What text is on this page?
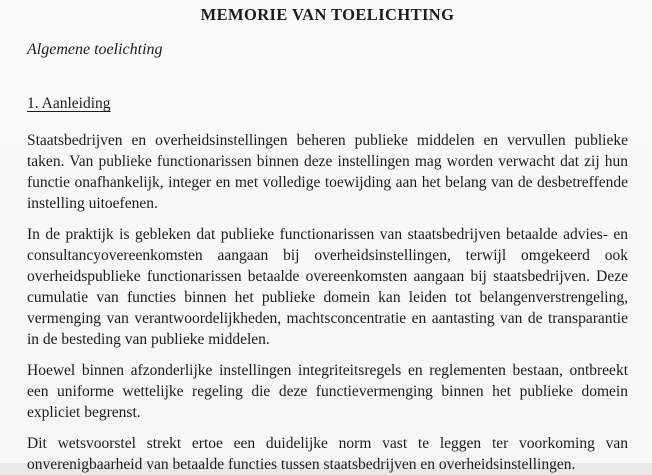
MEMORIE VAN TOELICHTING
Algemene toelichting
1. Aanleiding
Staatsbedrijven en overheidsinstellingen beheren publieke middelen en vervullen publieke
taken. Van publieke functionarissen binnen deze instellingen mag worden verwacht dat zij hun
functie onafhankelijk, integer en met volledige toewijding aan het belang van de desbetreffende
instelling uitoefenen.
In de praktijk is gebleken dat publieke functionarissen van staatsbedrijven betaalde advies- en
consultancyovereenkomsten aangaan bij overheidsinstellingen, terwijl omgekeerd ook
overheidspublieke functionarissen betaalde overeenkomsten aangaan bij staatsbedrijven. Deze
cumulatie van functies binnen het publieke domein kan leiden tot belangenverstrengeling,
vermenging van verantwoordelijkheden, machtsconcentratie en aantasting van de transparantie
in de besteding van publieke middelen.
Hoewel binnen afzonderlijke instellingen integriteitsregels en reglementen bestaan, ontbreekt
een uniforme wettelijke regeling die deze functievermenging binnen het publieke domein
expliciet begrenst.
Dit wetsvoorstel strekt ertoe een duidelijke norm vast te leggen ter voorkoming van
onverenigbaarheid van betaalde functies tussen staatsbedrijven en overheidsinstellingen.
